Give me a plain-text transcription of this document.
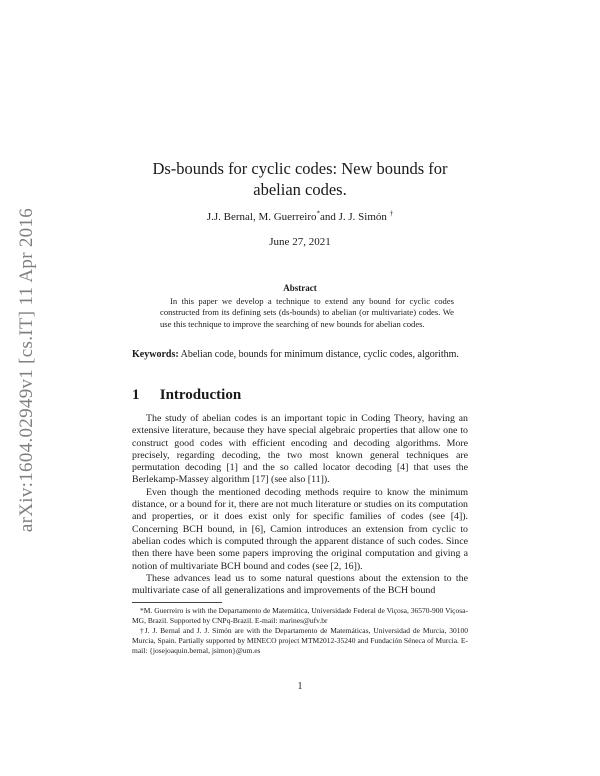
arXiv:1604.02949v1 [cs.IT] 11 Apr 2016
Ds-bounds for cyclic codes: New bounds for
abelian codes.
J.J. Bernal, M. Guerreiro*and J. J. Simón †
June 27, 2021
Abstract
In this paper we develop a technique to extend any bound for cyclic codes constructed from its defining sets (ds-bounds) to abelian (or multivariate) codes. We use this technique to improve the searching of new bounds for abelian codes.
Keywords: Abelian code, bounds for minimum distance, cyclic codes, algorithm.
1 Introduction

The study of abelian codes is an important topic in Coding Theory, having an extensive literature, because they have special algebraic properties that allow one to construct good codes with efficient encoding and decoding algorithms. More precisely, regarding decoding, the two most known general techniques are permutation decoding [1] and the so called locator decoding [4] that uses the Berlekamp-Massey algorithm [17] (see also [11]).

Even though the mentioned decoding methods require to know the minimum distance, or a bound for it, there are not much literature or studies on its computation and properties, or it does exist only for specific families of codes (see [4]). Concerning BCH bound, in [6], Camion introduces an extension from cyclic to abelian codes which is computed through the apparent distance of such codes. Since then there have been some papers improving the original computation and giving a notion of multivariate BCH bound and codes (see [2, 16]).

These advances lead us to some natural questions about the extension to the multivariate case of all generalizations and improvements of the BCH bound

*M. Guerreiro is with the Departamento de Matemática, Universidade Federal de Viçosa, 36570-900 Viçosa-MG, Brazil. Supported by CNPq-Brazil. E-mail: marines@ufv.br

†J. J. Bernal and J. J. Simón are with the Departamento de Matemáticas, Universidad de Murcia, 30100 Murcia, Spain. Partially supported by MINECO project MTM2012-35240 and Fundación Séneca of Murcia. E-mail: {josejoaquin.bernal, jsimon}@um.es

1
